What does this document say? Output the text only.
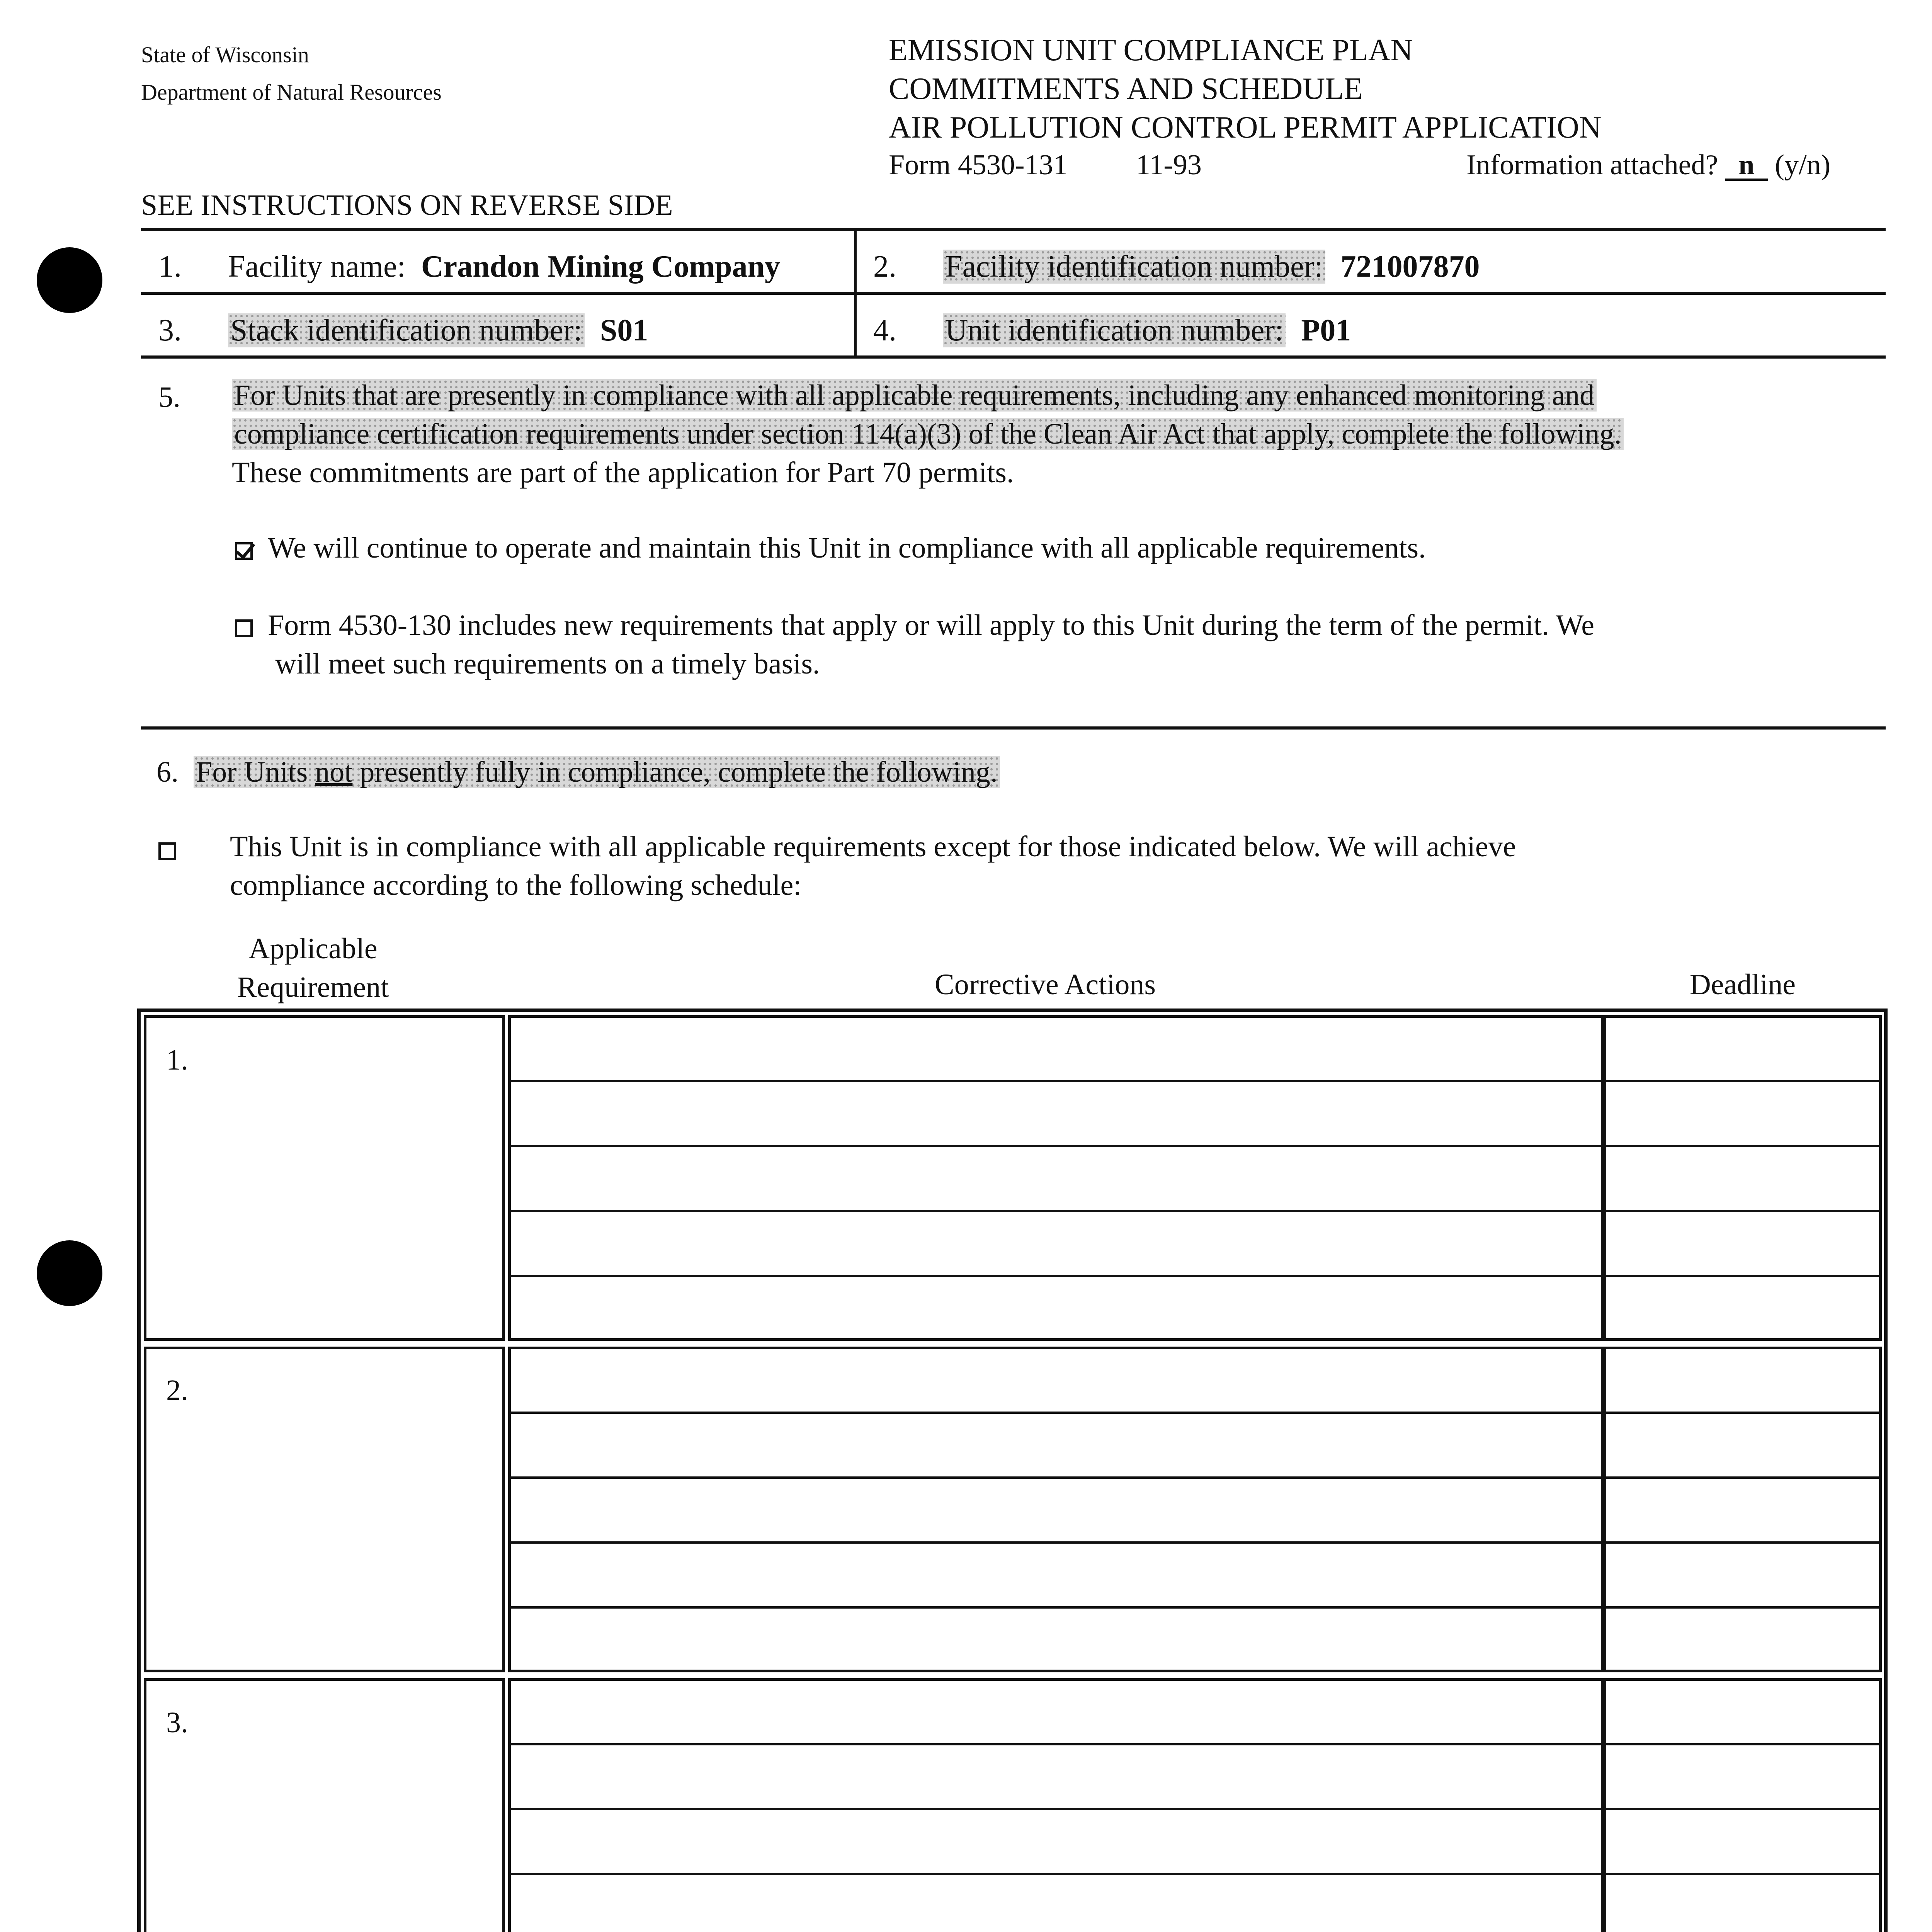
State of Wisconsin
Department of Natural Resources
EMISSION UNIT COMPLIANCE PLAN
COMMITMENTS AND SCHEDULE
AIR POLLUTION CONTROL PERMIT APPLICATION
Form 4530-131 11-93	Information attached? n (y/n)
SEE INSTRUCTIONS ON REVERSE SIDE
1. Facility name: Crandon Mining Company	2. Facility identification number: 721007870
3. Stack identification number: S01	4. Unit identification number: P01
5. For Units that are presently in compliance with all applicable requirements, including any enhanced monitoring and
compliance certification requirements under section 114(a)(3) of the Clean Air Act that apply, complete the following.
These commitments are part of the application for Part 70 permits.
We will continue to operate and maintain this Unit in compliance with all applicable requirements.
Form 4530-130 includes new requirements that apply or will apply to this Unit during the term of the permit. We
will meet such requirements on a timely basis.
6. For Units not presently fully in compliance, complete the following.
This Unit is in compliance with all applicable requirements except for those indicated below. We will achieve
compliance according to the following schedule:
Applicable
Requirement	Corrective Actions	Deadline
1.
2.
3.
